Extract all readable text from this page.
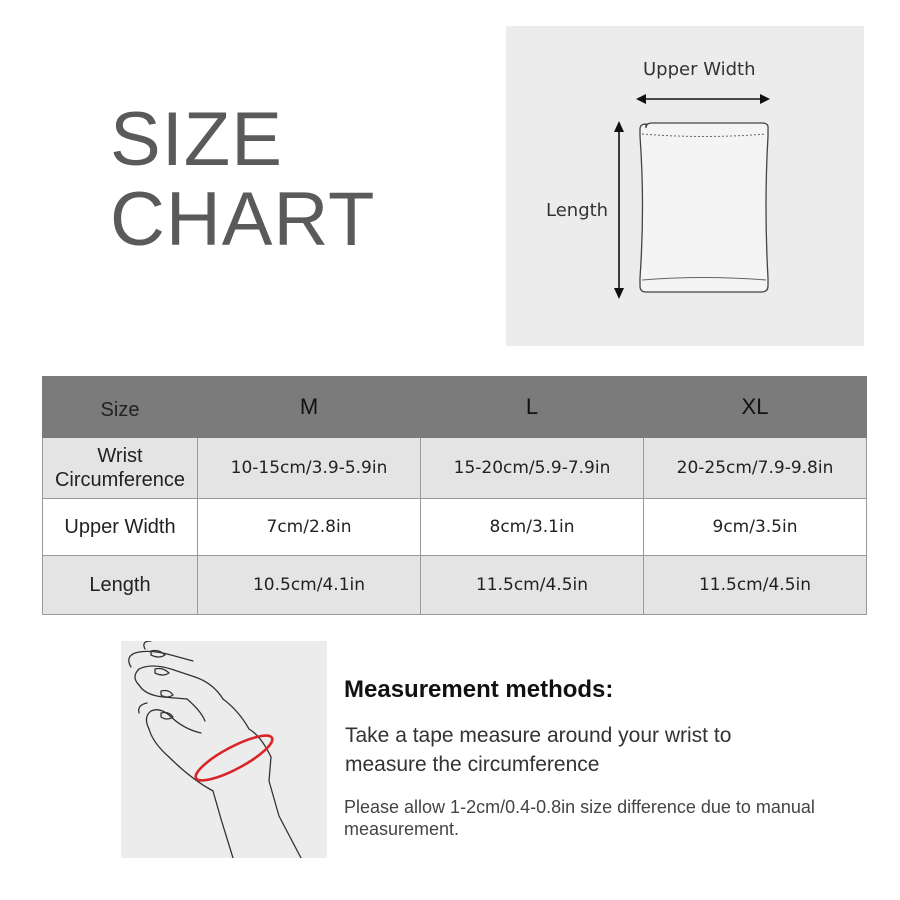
SIZE
CHART
Upper Width
Length
Size	M	L	XL
Wrist
Circumference	10-15cm/3.9-5.9in	15-20cm/5.9-7.9in	20-25cm/7.9-9.8in
Upper Width	7cm/2.8in	8cm/3.1in	9cm/3.5in
Length	10.5cm/4.1in	11.5cm/4.5in	11.5cm/4.5in
Measurement methods:

Take a tape measure around your wrist to measure the circumference

Please allow 1-2cm/0.4-0.8in size difference due to manual measurement.
